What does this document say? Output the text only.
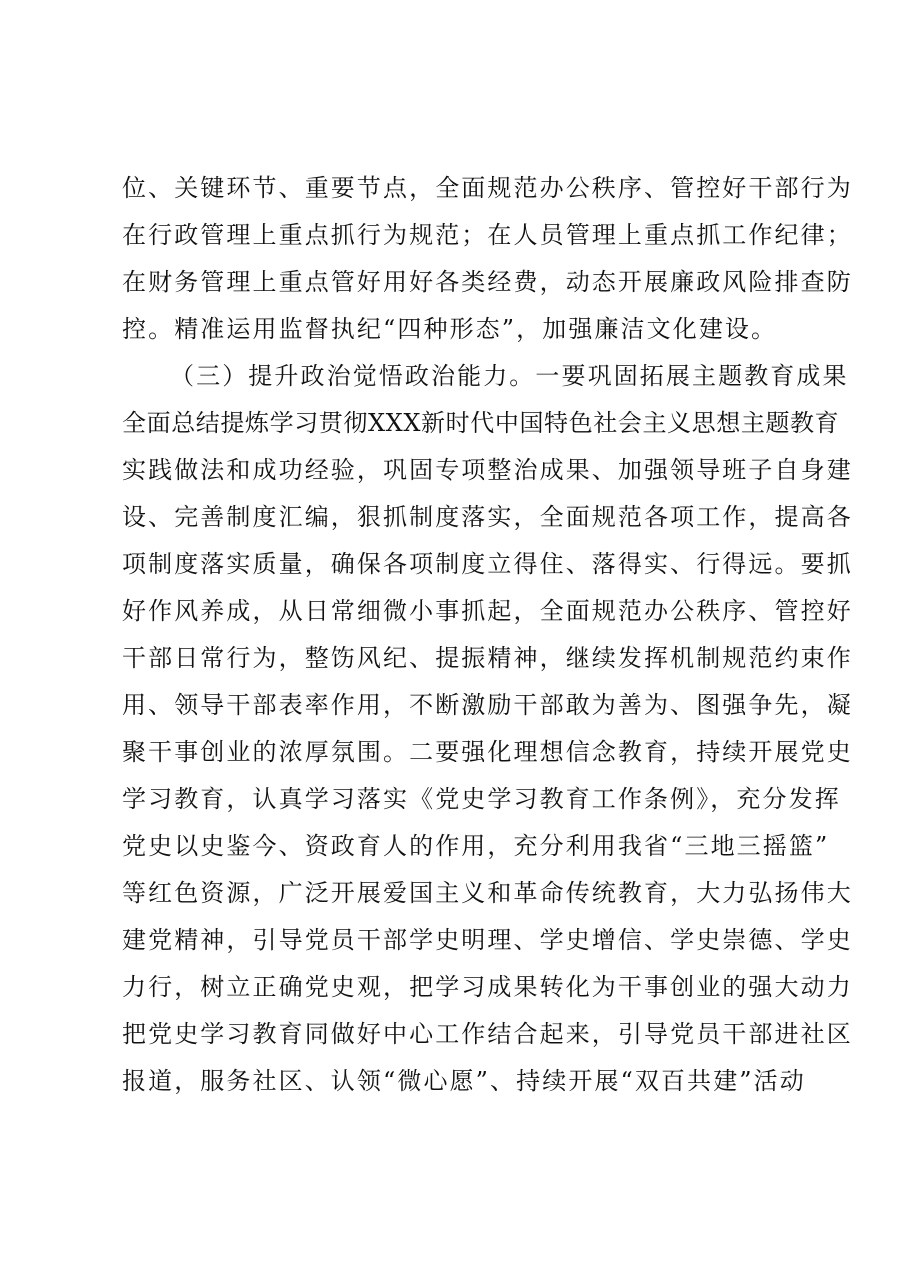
位、关键环节、重要节点，全面规范办公秩序、管控好干部行为
在行政管理上重点抓行为规范；在人员管理上重点抓工作纪律；
在财务管理上重点管好用好各类经费，动态开展廉政风险排查防
控。精准运用监督执纪“四种形态”，加强廉洁文化建设。
（三）提升政治觉悟政治能力。一要巩固拓展主题教育成果
全面总结提炼学习贯彻XXX新时代中国特色社会主义思想主题教育
实践做法和成功经验，巩固专项整治成果、加强领导班子自身建
设、完善制度汇编，狠抓制度落实，全面规范各项工作，提高各
项制度落实质量，确保各项制度立得住、落得实、行得远。要抓
好作风养成，从日常细微小事抓起，全面规范办公秩序、管控好
干部日常行为，整饬风纪、提振精神，继续发挥机制规范约束作
用、领导干部表率作用，不断激励干部敢为善为、图强争先，凝
聚干事创业的浓厚氛围。二要强化理想信念教育，持续开展党史
学习教育，认真学习落实《党史学习教育工作条例》，充分发挥
党史以史鉴今、资政育人的作用，充分利用我省“三地三摇篮”
等红色资源，广泛开展爱国主义和革命传统教育，大力弘扬伟大
建党精神，引导党员干部学史明理、学史增信、学史崇德、学史
力行，树立正确党史观，把学习成果转化为干事创业的强大动力
把党史学习教育同做好中心工作结合起来，引导党员干部进社区
报道，服务社区、认领“微心愿”、持续开展“双百共建”活动
